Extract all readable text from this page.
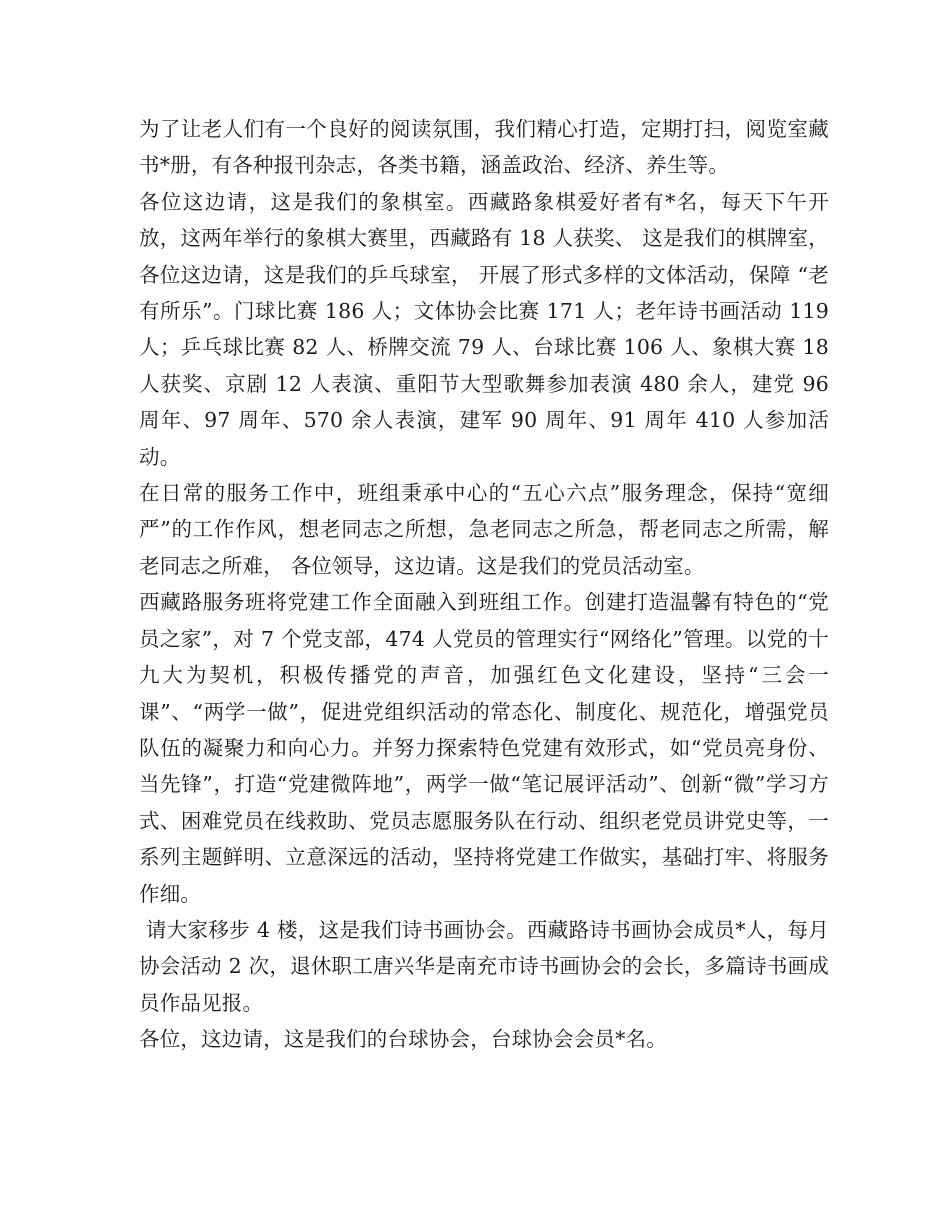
为了让老人们有一个良好的阅读氛围，我们精心打造，定期打扫，阅览室藏书*册，有各种报刊杂志，各类书籍，涵盖政治、经济、养生等。

各位这边请，这是我们的象棋室。西藏路象棋爱好者有*名，每天下午开放，这两年举行的象棋大赛里，西藏路有 18 人获奖、 这是我们的棋牌室， 各位这边请，这是我们的乒乓球室， 开展了形式多样的文体活动，保障 “老有所乐”。门球比赛 186 人；文体协会比赛 171 人；老年诗书画活动 119 人；乒乓球比赛 82 人、桥牌交流 79 人、台球比赛 106 人、象棋大赛 18 人获奖、京剧 12 人表演、重阳节大型歌舞参加表演 480 余人，建党 96 周年、97 周年、570 余人表演，建军 90 周年、91 周年 410 人参加活动。

在日常的服务工作中，班组秉承中心的“五心六点”服务理念，保持“宽细严”的工作作风，想老同志之所想，急老同志之所急，帮老同志之所需，解老同志之所难， 各位领导，这边请。这是我们的党员活动室。

西藏路服务班将党建工作全面融入到班组工作。创建打造温馨有特色的“党员之家”，对 7 个党支部，474 人党员的管理实行“网络化”管理。以党的十九大为契机，积极传播党的声音，加强红色文化建设，坚持“三会一课”、“两学一做”，促进党组织活动的常态化、制度化、规范化，增强党员队伍的凝聚力和向心力。并努力探索特色党建有效形式，如“党员亮身份、当先锋”，打造“党建微阵地”，两学一做“笔记展评活动”、创新“微”学习方式、困难党员在线救助、党员志愿服务队在行动、组织老党员讲党史等，一系列主题鲜明、立意深远的活动，坚持将党建工作做实，基础打牢、将服务作细。

请大家移步 4 楼，这是我们诗书画协会。西藏路诗书画协会成员*人，每月协会活动 2 次，退休职工唐兴华是南充市诗书画协会的会长，多篇诗书画成员作品见报。

各位，这边请，这是我们的台球协会，台球协会会员*名。
